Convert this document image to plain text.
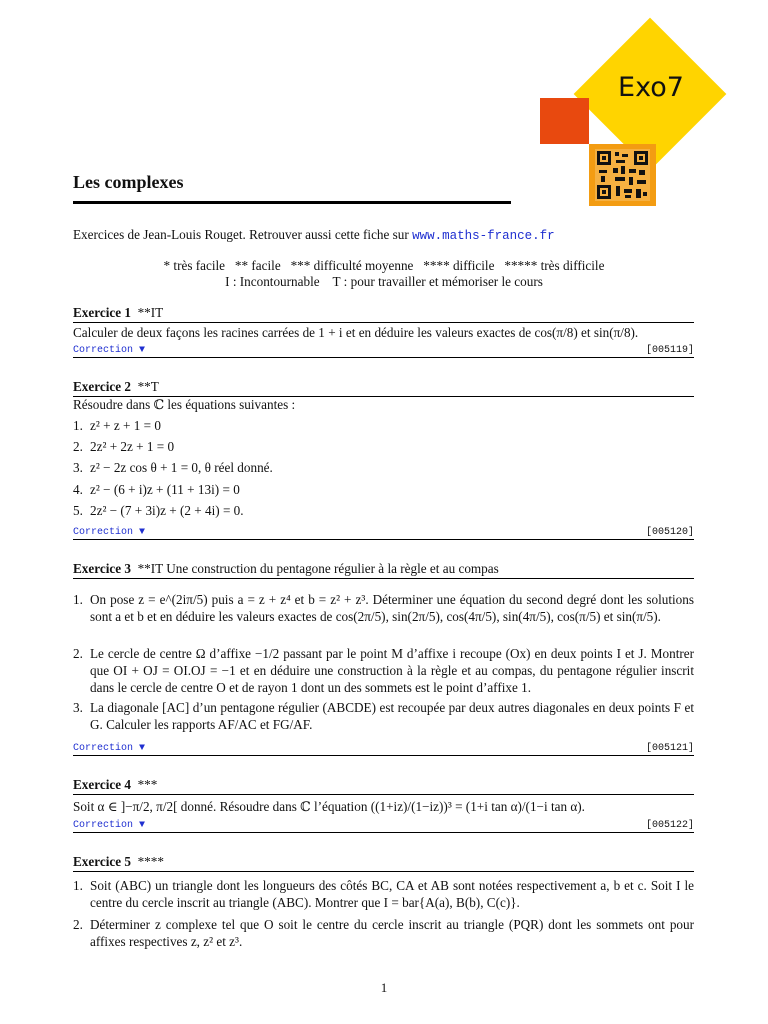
Exo7
Les complexes
Exercices de Jean-Louis Rouget. Retrouver aussi cette fiche sur www.maths-france.fr
* très facile   ** facile   *** difficulté moyenne   **** difficile   ***** très difficile
I : Incontournable    T : pour travailler et mémoriser le cours
Exercice 1 **IT
Calculer de deux façons les racines carrées de 1 + i et en déduire les valeurs exactes de cos(π/8) et sin(π/8).
Correction ▼	[005119]
Exercice 2 **T
Résoudre dans ℂ les équations suivantes :
1. z² + z + 1 = 0
2. 2z² + 2z + 1 = 0
3. z² − 2z cos θ + 1 = 0, θ réel donné.
4. z² − (6 + i)z + (11 + 13i) = 0
5. 2z² − (7 + 3i)z + (2 + 4i) = 0.
Correction ▼	[005120]
Exercice 3 **IT Une construction du pentagone régulier à la règle et au compas
1. On pose z = e^(2iπ/5) puis a = z + z⁴ et b = z² + z³. Déterminer une équation du second degré dont les solutions sont a et b et en déduire les valeurs exactes de cos(2π/5), sin(2π/5), cos(4π/5), sin(4π/5), cos(π/5) et sin(π/5).
2. Le cercle de centre Ω d’affixe −1/2 passant par le point M d’affixe i recoupe (Ox) en deux points I et J. Montrer que OI + OJ = OI.OJ = −1 et en déduire une construction à la règle et au compas, du pentagone régulier inscrit dans le cercle de centre O et de rayon 1 dont un des sommets est le point d’affixe 1.
3. La diagonale [AC] d’un pentagone régulier (ABCDE) est recoupée par deux autres diagonales en deux points F et G. Calculer les rapports AF/AC et FG/AF.
Correction ▼	[005121]
Exercice 4 ***
Soit α ∈ ]−π/2, π/2[ donné. Résoudre dans ℂ l’équation ((1+iz)/(1−iz))³ = (1+i tan α)/(1−i tan α).
Correction ▼	[005122]
Exercice 5 ****
1. Soit (ABC) un triangle dont les longueurs des côtés BC, CA et AB sont notées respectivement a, b et c. Soit I le centre du cercle inscrit au triangle (ABC). Montrer que I = bar{A(a), B(b), C(c)}.
2. Déterminer z complexe tel que O soit le centre du cercle inscrit au triangle (PQR) dont les sommets ont pour affixes respectives z, z² et z³.
1
